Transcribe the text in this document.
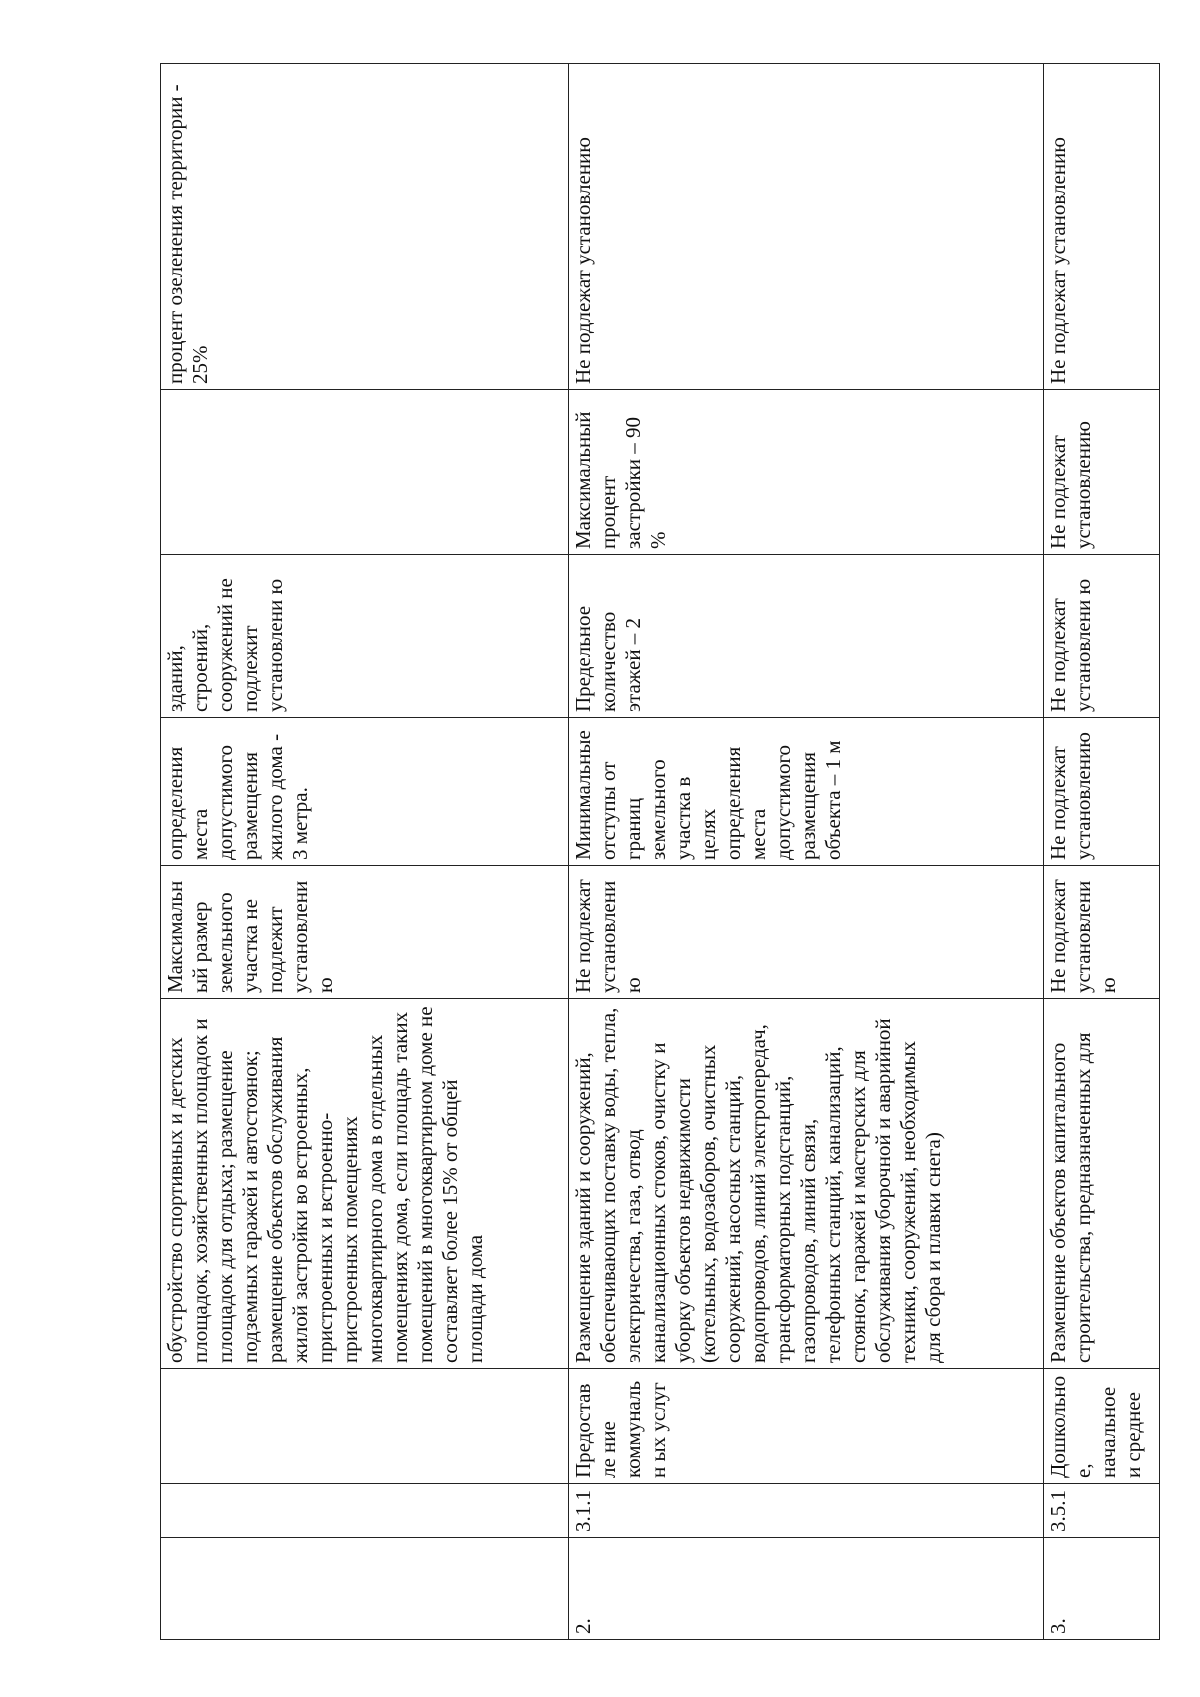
			обустройство спортивных и детских площадок, хозяйственных площадок и площадок для отдыха; размещение подземных гаражей и автостоянок; размещение объектов обслуживания жилой застройки во встроенных, пристроенных и встроенно-пристроенных помещениях многоквартирного дома в отдельных помещениях дома, если площадь таких помещений в многоквартирном доме не составляет более 15% от общей площади дома	Максимальный размер земельного участка не подлежит установлению	определения места допустимого размещения жилого дома - 3 метра.	зданий, строений, сооружений не подлежит установлени ю		процент озеленения территории - 25%
2.	3.1.1	Предоставле ние коммунальн ых услуг	Размещение зданий и сооружений, обеспечивающих поставку воды, тепла, электричества, газа, отвод канализационных стоков, очистку и уборку объектов недвижимости (котельных, водозаборов, очистных сооружений, насосных станций, водопроводов, линий электропередач, трансформаторных подстанций, газопроводов, линий связи, телефонных станций, канализаций, стоянок, гаражей и мастерских для обслуживания уборочной и аварийной техники, сооружений, необходимых для сбора и плавки снега)	Не подлежат установлению	Минимальные отступы от границ земельного участка в целях определения места допустимого размещения объекта – 1 м	Предельное количество этажей – 2	Максимальный процент застройки – 90 %	Не подлежат установлению
3.	3.5.1	Дошкольное, начальное и среднее	Размещение объектов капитального строительства, предназначенных для	Не подлежат установлению	Не подлежат установлению	Не подлежат установлени ю	Не подлежат установлению	Не подлежат установлению
